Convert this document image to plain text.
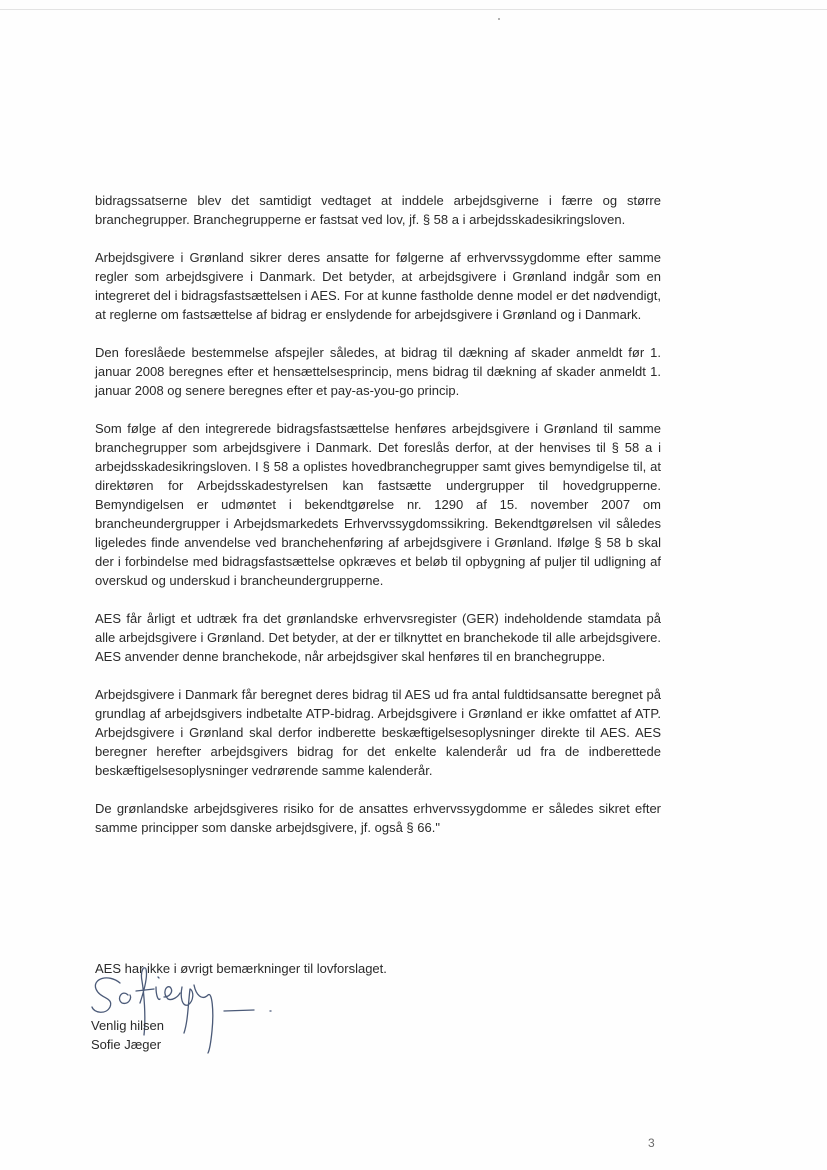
bidragssatserne blev det samtidigt vedtaget at inddele arbejdsgiverne i færre og større branchegrupper. Branchegrupperne er fastsat ved lov, jf. § 58 a i arbejdsskadesikringsloven.

Arbejdsgivere i Grønland sikrer deres ansatte for følgerne af erhvervssygdomme efter samme regler som arbejdsgivere i Danmark. Det betyder, at arbejdsgivere i Grønland indgår som en integreret del i bidragsfastsættelsen i AES. For at kunne fastholde denne model er det nødvendigt, at reglerne om fastsættelse af bidrag er enslydende for arbejdsgivere i Grønland og i Danmark.

Den foreslåede bestemmelse afspejler således, at bidrag til dækning af skader anmeldt før 1. januar 2008 beregnes efter et hensættelsesprincip, mens bidrag til dækning af skader anmeldt 1. januar 2008 og senere beregnes efter et pay-as-you-go princip.

Som følge af den integrerede bidragsfastsættelse henføres arbejdsgivere i Grønland til samme branchegrupper som arbejdsgivere i Danmark. Det foreslås derfor, at der henvises til § 58 a i arbejdsskadesikringsloven. I § 58 a oplistes hovedbranchegrupper samt gives bemyndigelse til, at direktøren for Arbejdsskadestyrelsen kan fastsætte undergrupper til hovedgrupperne. Bemyndigelsen er udmøntet i bekendtgørelse nr. 1290 af 15. november 2007 om brancheundergrupper i Arbejdsmarkedets Erhvervssygdomssikring. Bekendtgørelsen vil således ligeledes finde anvendelse ved branchehenføring af arbejdsgivere i Grønland. Ifølge § 58 b skal der i forbindelse med bidragsfastsættelse opkræves et beløb til opbygning af puljer til udligning af overskud og underskud i brancheundergrupperne.

AES får årligt et udtræk fra det grønlandske erhvervsregister (GER) indeholdende stamdata på alle arbejdsgivere i Grønland. Det betyder, at der er tilknyttet en branchekode til alle arbejdsgivere. AES anvender denne branchekode, når arbejdsgiver skal henføres til en branchegruppe.

Arbejdsgivere i Danmark får beregnet deres bidrag til AES ud fra antal fuldtidsansatte beregnet på grundlag af arbejdsgivers indbetalte ATP-bidrag. Arbejdsgivere i Grønland er ikke omfattet af ATP. Arbejdsgivere i Grønland skal derfor indberette beskæftigelsesoplysninger direkte til AES. AES beregner herefter arbejdsgivers bidrag for det enkelte kalenderår ud fra de indberettede beskæftigelsesoplysninger vedrørende samme kalenderår.

De grønlandske arbejdsgiveres risiko for de ansattes erhvervssygdomme er således sikret efter samme principper som danske arbejdsgivere, jf. også § 66."

AES har ikke i øvrigt bemærkninger til lovforslaget.

Venlig hilsen

Sofie Jæger

3
